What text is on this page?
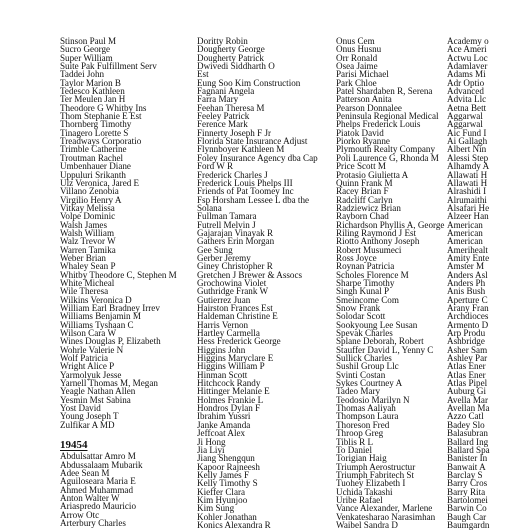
Stinson Paul M
Sucro George
Super William
Suite Pak Fulfillment Serv
Taddei John
Taylor Marion B
Tedesco Kathleen
Ter Meulen Jan H
Theodore G Whitby Ins
Thom Stephanie E Est
Thornberg Timothy
Tinagero Lorette S
Treadways Corporatio
Trimble Catherine
Troutman Rachel
Umbenhauer Diane
Uppuluri Srikanth
Ulz Veronica, Jared E
Villano Zenobia
Virgilio Henry A
Vitkay Melissa
Volpe Dominic
Walsh James
Walsh William
Walz Trevor W
Warren Tamika
Weber Brian
Whaley Sean P
Whitby Theodore C, Stephen M
White Micheal
Wile Theresa
Wilkins Veronica D
William Earl Bradney Irrev
Williams Benjamin M
Williams Tyshaan C
Wilson Cara W
Wines Douglas P, Elizabeth
Wohrle Valerie N
Wolf Patricia
Wright Alice P
Yarmolyuk Jesse
Yarnell Thomas M, Megan
Yeagle Nathan Allen
Yesmin Mst Sabina
Yost David
Young Joseph T
Zulfikar A MD
19454
Abdulsattar Amro M
Abdussalaam Mubarik
Adee Sean M
Aguiloseara Maria E
Ahmed Muhammad
Anton Walter W
Ariaspredo Mauricio
Arrow Otc
Arterbury Charles
Doritty Robin
Dougherty George
Dougherty Patrick
Dwivedi Siddharth O
Est
Eung Soo Kim Construction
Fagnani Angela
Farra Mary
Feehan Theresa M
Feeley Patrick
Ference Mark
Finnerty Joseph F Jr
Florida State Insurance Adjust
Flynnboyer Kathleen M
Foley Insurance Agency dba Cap
Ford W R
Frederick Charles J
Frederick Louis Phelps III
Friends of Pat Toomey Inc
Fsp Horsham Lessee L dba the
Solana
Fullman Tamara
Futrell Melvin J
Gajarajan Vinayak R
Gathers Erin Morgan
Gee Sung
Gerber Jeremy
Giney Christopher R
Gretchen J Brewer & Assocs
Grochowina Violet
Guthridge Frank W
Gutierrez Juan
Hairston Frances Est
Haldeman Christine E
Harris Vernon
Hartley Carmella
Hess Frederick George
Higgins John
Higgins Maryclare E
Higgins William P
Hinman Scott
Hitchcock Randy
Hittinger Melanie E
Holmes Frankie L
Hondros Dylan F
Ibrahim Yussri
Janke Amanda
Jeffcoat Alex
Ji Hong
Jia Liyi
Jiang Shengqun
Kapoor Rajneesh
Kelly James F
Kelly Timothy S
Kieffer Clara
Kim Hyunjoo
Kim Sung
Kohler Jonathan
Konics Alexandra R
Onus Cem
Onus Husnu
Orr Ronald
Osea Jaime
Parisi Michael
Park Chloe
Patel Shardaben R, Serena
Patterson Anita
Pearson Donnalee
Peninsula Regional Medical
Phelps Frederick Louis
Piatok David
Piorko Ryanne
Plymouth Realty Company
Poli Laurence G, Rhonda M
Price Scott M
Protasio Giulietta A
Quinn Frank M
Racey Brian F
Radcliff Carlyn
Radziewicz Brian
Rayborn Chad
Richardson Phyllis A, George
Riling Raymond J Est
Riotto Anthony Joseph
Robert Musumeci
Ross Joyce
Roynan Patricia
Scholes Florence M
Sharpe Timothy
Singh Kunal P
Smeincome Com
Snow Frank
Solodar Scott
Sookyoung Lee Susan
Spevak Charles
Splane Deborah, Robert
Stauffer David L, Yenny C
Sullick Charles
Sushil Group Llc
Svinti Costan
Sykes Courtney A
Tadeo Mary
Teodosio Marilyn N
Thomas Aaliyah
Thompson Laura
Thoreson Fred
Throop Greg
Tiblis R L
To Daniel
Torigian Haig
Triumph Aerostructur
Triumph Fabritech St
Tuohey Elizabeth I
Uchida Takashi
Uribe Rafael
Vance Alexander, Marlene
Venkatesharao Narasimhan
Waibel Sandra D
Academy o
Ace Ameri
Actwu Loc
Adamlaver
Adams Mi
Adr Optio
Advanced
Advita Llc
Aetna Bett
Aggarwal
Aggarwal
Aic Fund I
Ai Gallagh
Albert Nin
Alessi Step
Alhamdy A
Allawati H
Allawati H
Alrashidi I
Alrumaithi
Alsafari He
Alzeer Han
American
American
American
Amerihealt
Amity Ente
Amster M
Anders Asl
Anders Ph
Anis Bush
Aperture C
Arany Fran
Archdioces
Armento D
Arp Produ
Ashbridge
Asher Sam
Ashley Par
Atlas Ener
Atlas Ener
Atlas Pipel
Auburg Gi
Avella Mar
Avellan Ma
Azzo Catl
Badey Slo
Balasubran
Ballard Ing
Ballard Spa
Banister In
Banwait A
Barclay S
Barry Cros
Barry Rita
Bartolomei
Barwin Co
Baugh Car
Baumgardn
